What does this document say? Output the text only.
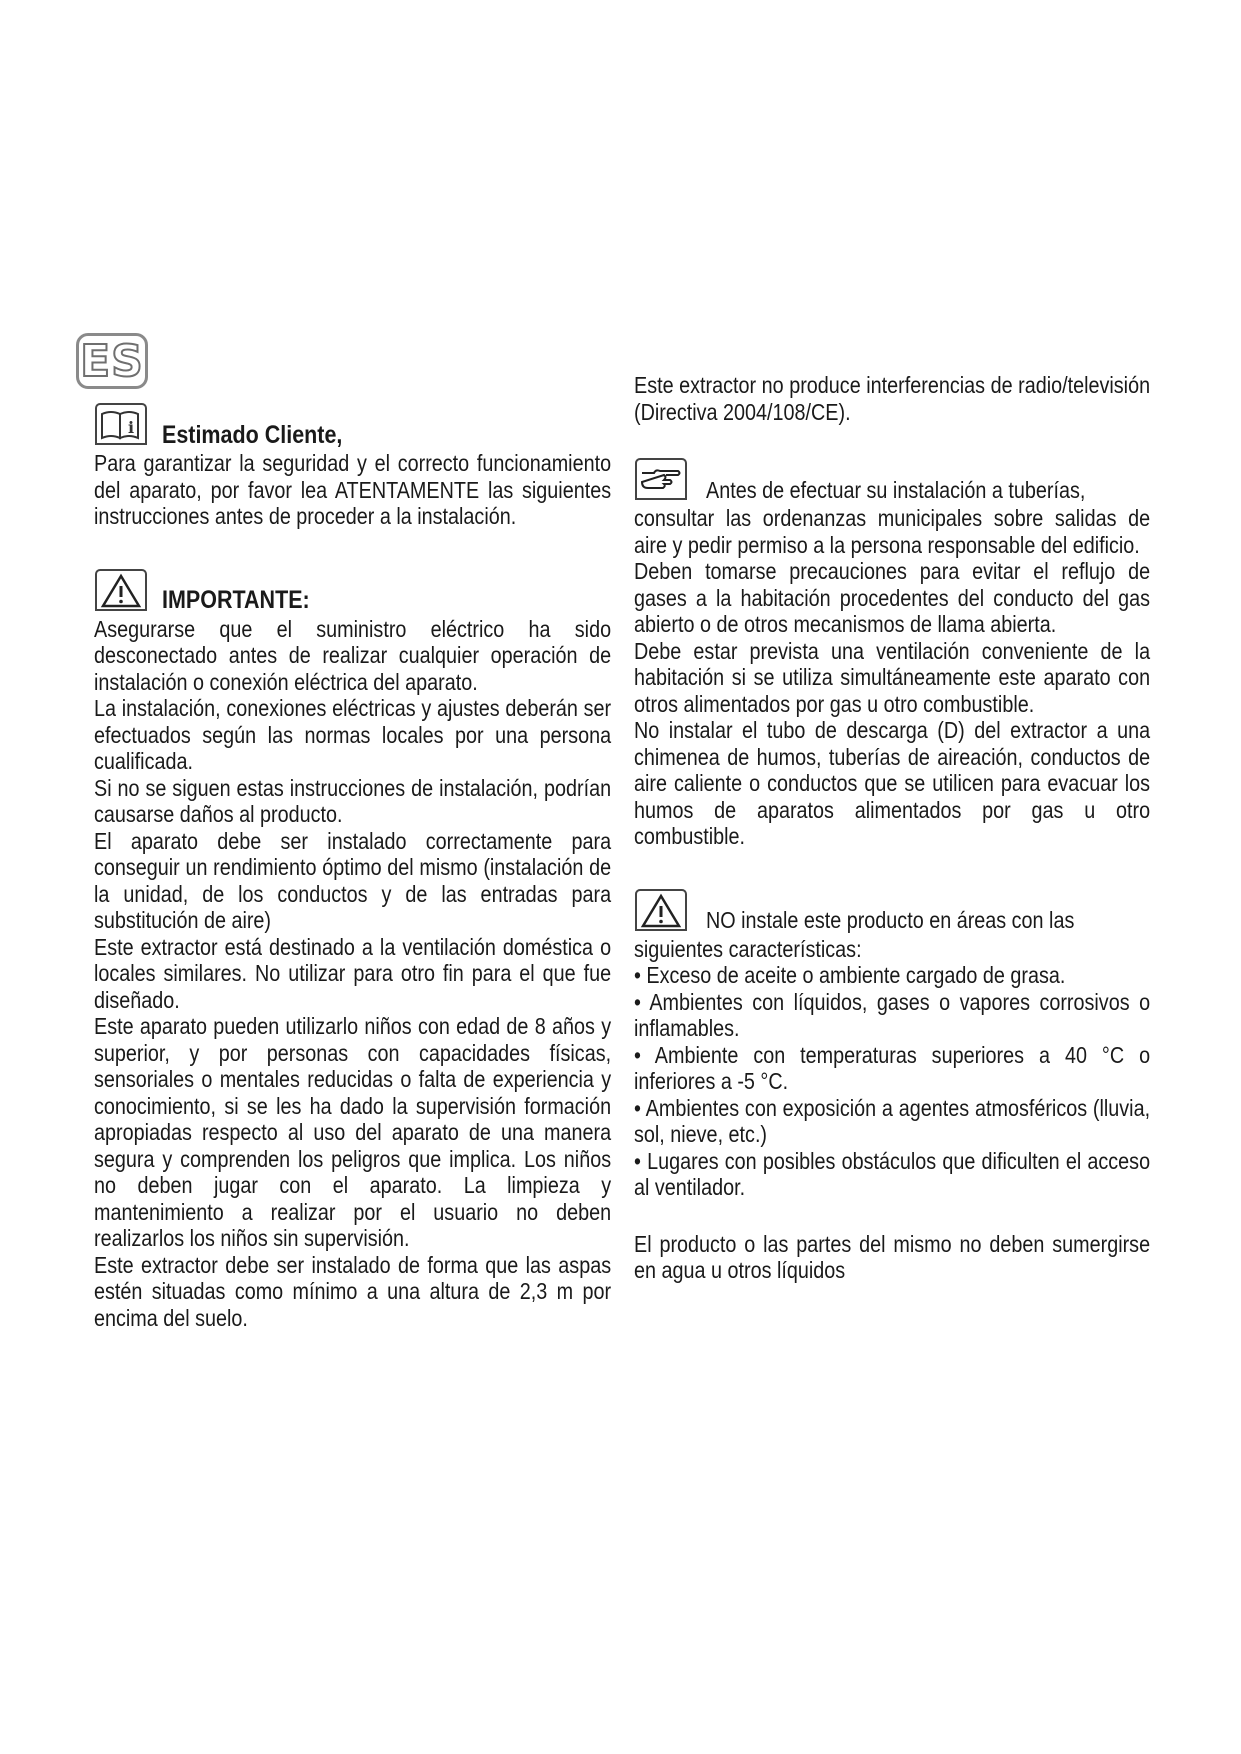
ES
i Estimado Cliente,

Para garantizar la seguridad y el correcto funcionamiento del aparato, por favor lea ATENTAMENTE las siguientes instrucciones antes de proceder a la instalación.

IMPORTANTE:

Asegurarse que el suministro eléctrico ha sido desconectado antes de realizar cualquier operación de instalación o conexión eléctrica del aparato.

La instalación, conexiones eléctricas y ajustes deberán ser efectuados según las normas locales por una persona cualificada.

Si no se siguen estas instrucciones de instalación, podrían causarse daños al producto.

El aparato debe ser instalado correctamente para conseguir un rendimiento óptimo del mismo (instalación de la unidad, de los conductos y de las entradas para substitución de aire)

Este extractor está destinado a la ventilación doméstica o locales similares. No utilizar para otro fin para el que fue diseñado.

Este aparato pueden utilizarlo niños con edad de 8 años y superior, y por personas con capacidades físicas, sensoriales o mentales reducidas o falta de experiencia y conocimiento, si se les ha dado la supervisión formación apropiadas respecto al uso del aparato de una manera segura y comprenden los peligros que implica. Los niños no deben jugar con el aparato. La limpieza y mantenimiento a realizar por el usuario no deben realizarlos los niños sin supervisión.

Este extractor debe ser instalado de forma que las aspas estén situadas como mínimo a una altura de 2,3 m por encima del suelo.

Este extractor no produce interferencias de radio/televisión (Directiva 2004/108/CE).

Antes de efectuar su instalación a tuberías,

consultar las ordenanzas municipales sobre salidas de aire y pedir permiso a la persona responsable del edificio.

Deben tomarse precauciones para evitar el reflujo de gases a la habitación procedentes del conducto del gas abierto o de otros mecanismos de llama abierta.

Debe estar prevista una ventilación conveniente de la habitación si se utiliza simultáneamente este aparato con otros alimentados por gas u otro combustible.

No instalar el tubo de descarga (D) del extractor a una chimenea de humos, tuberías de aireación, conductos de aire caliente o conductos que se utilicen para evacuar los humos de aparatos alimentados por gas u otro combustible.

NO instale este producto en áreas con las

siguientes características:

• Exceso de aceite o ambiente cargado de grasa.

• Ambientes con líquidos, gases o vapores corrosivos o inflamables.

• Ambiente con temperaturas superiores a 40 °C o inferiores a -5 °C.

• Ambientes con exposición a agentes atmosféricos (lluvia, sol, nieve, etc.)

• Lugares con posibles obstáculos que dificulten el acceso al ventilador.

El producto o las partes del mismo no deben sumergirse en agua u otros líquidos
